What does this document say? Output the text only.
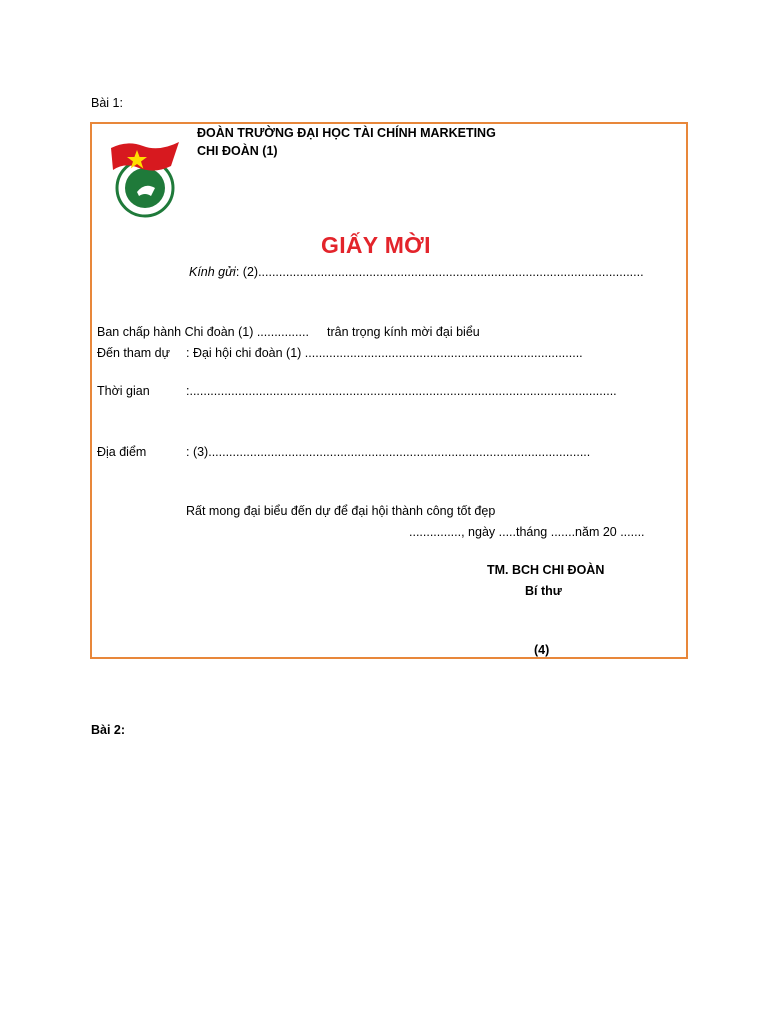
Bài 1:
ĐOÀN TRƯỜNG ĐẠI HỌC TÀI CHÍNH MARKETING
CHI ĐOÀN (1)
GIẤY MỜI
Kính gửi: (2)...............................................................................................................
Ban chấp hành Chi đoàn (1) ............... trân trọng kính mời đại biểu
Đến tham dự : Đại hội chi đoàn (1) ................................................................................
Thời gian	:...........................................................................................................................
Địa điểm	: (3)..............................................................................................................
Rất mong đại biểu đến dự để đại hội thành công tốt đẹp
..............., ngày .....tháng .......năm 20 .......
TM. BCH CHI ĐOÀN
Bí thư
(4)
Bài 2:
